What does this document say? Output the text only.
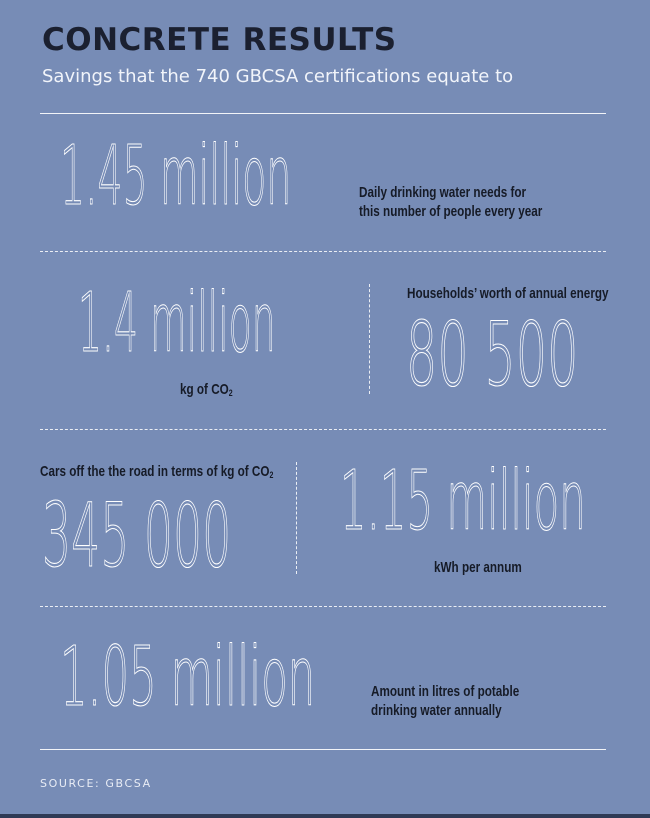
CONCRETE RESULTS
Savings that the 740 GBCSA certifications equate to
1.45 million	Daily drinking water needs for
this number of people every year
1.4 million
kg of $CO_2$
Households’ worth of annual energy
80 500
Cars off the the road in terms of kg of $CO_2$
345 000 1.15 million
kWh per annum
1.05 million	Amount in litres of potable
drinking water annually
SOURCE: GBCSA
